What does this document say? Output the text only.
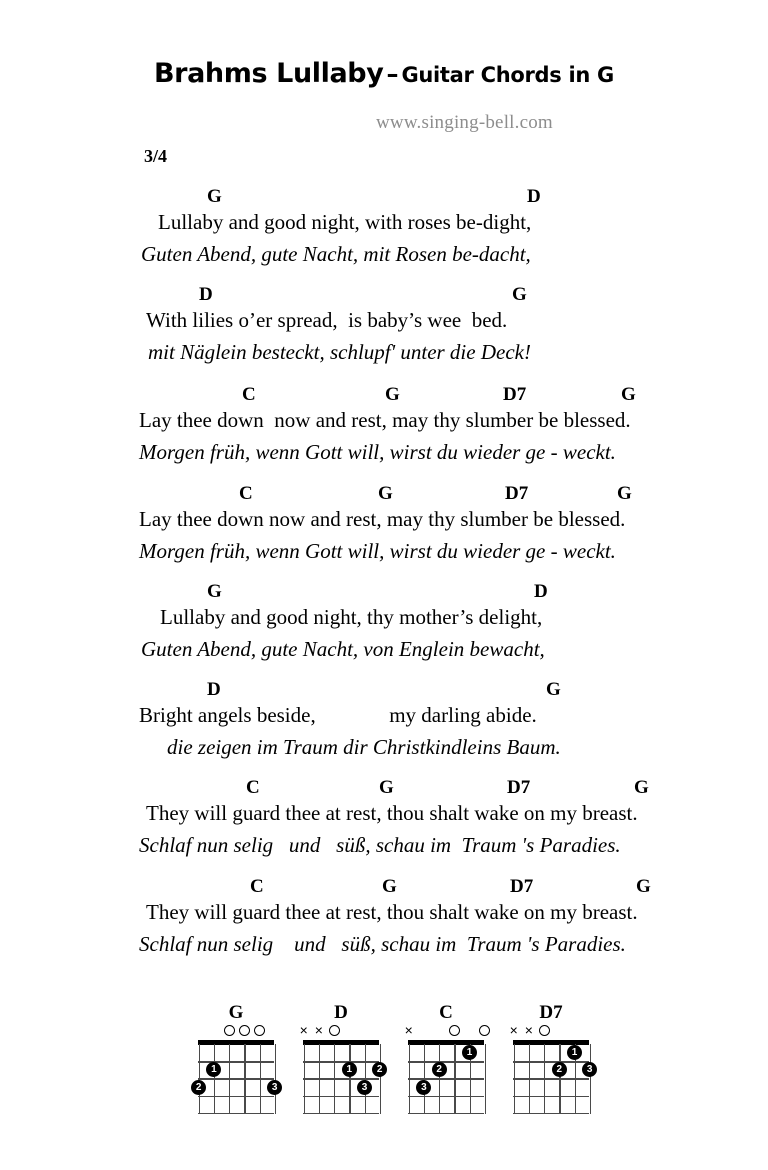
Brahms Lullaby – Guitar Chords in G
www.singing-bell.com
3/4
G	D
Lullaby and good night, with roses be-dight,
Guten Abend, gute Nacht, mit Rosen be-dacht,
D	G
With lilies o’er spread,  is baby’s wee  bed.
mit Näglein besteckt, schlupf' unter die Deck!
C	G	D7	G
Lay thee down  now and rest, may thy slumber be blessed.
Morgen früh, wenn Gott will, wirst du wieder ge - weckt.
C	G	D7	G
Lay thee down now and rest, may thy slumber be blessed.
Morgen früh, wenn Gott will, wirst du wieder ge - weckt.
G	D
Lullaby and good night, thy mother’s delight,
Guten Abend, gute Nacht, von Englein bewacht,
D	G
Bright angels beside,              my darling abide.
die zeigen im Traum dir Christkindleins Baum.
C	G	D7	G
They will guard thee at rest, thou shalt wake on my breast.
Schlaf nun selig   und   süß, schau im  Traum 's Paradies.
C	G	D7	G
They will guard thee at rest, thou shalt wake on my breast.
Schlaf nun selig    und   süß, schau im  Traum 's Paradies.
G
1
2	3
D
× ×
1	2
3
C
×
1
2
3
D7
× ×
1
2	3
